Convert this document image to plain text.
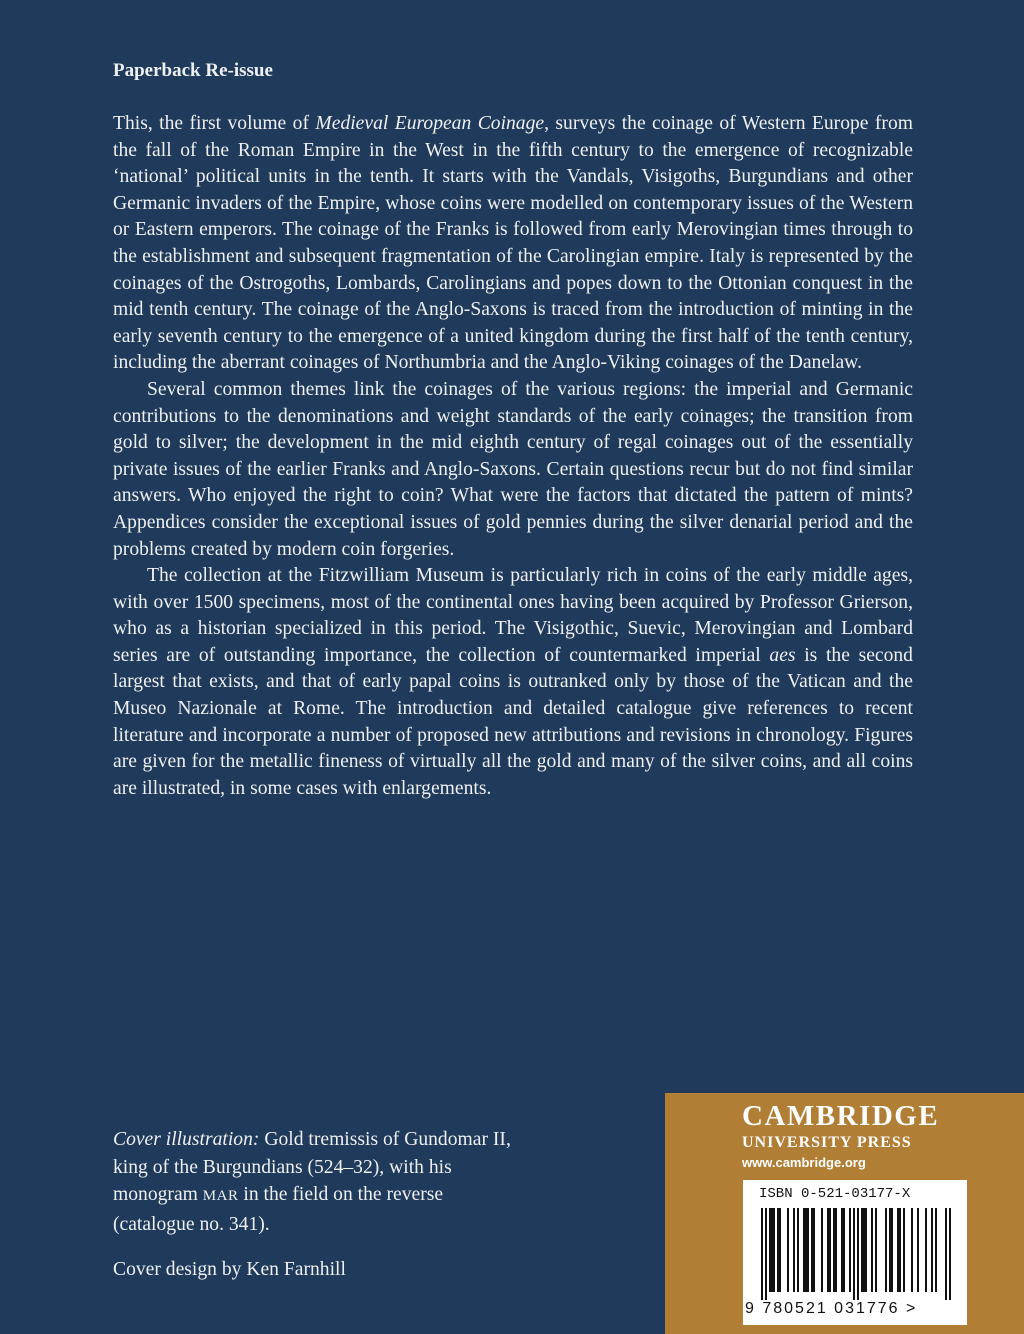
Paperback Re-issue

This, the first volume of Medieval European Coinage, surveys the coinage of Western Europe from the fall of the Roman Empire in the West in the fifth century to the emergence of recognizable ‘national’ political units in the tenth. It starts with the Vandals, Visigoths, Burgundians and other Germanic invaders of the Empire, whose coins were modelled on contemporary issues of the Western or Eastern emperors. The coinage of the Franks is followed from early Merovingian times through to the establishment and subsequent fragmentation of the Carolingian empire. Italy is represented by the coinages of the Ostrogoths, Lombards, Carolingians and popes down to the Ottonian conquest in the mid tenth century. The coinage of the Anglo-Saxons is traced from the introduction of minting in the early seventh century to the emergence of a united kingdom during the first half of the tenth century, including the aberrant coinages of Northumbria and the Anglo-Viking coinages of the Danelaw.

Several common themes link the coinages of the various regions: the imperial and Germanic contributions to the denominations and weight standards of the early coinages; the transition from gold to silver; the development in the mid eighth century of regal coinages out of the essentially private issues of the earlier Franks and Anglo-Saxons. Certain questions recur but do not find similar answers. Who enjoyed the right to coin? What were the factors that dictated the pattern of mints? Appendices consider the exceptional issues of gold pennies during the silver denarial period and the problems created by modern coin forgeries.

The collection at the Fitzwilliam Museum is particularly rich in coins of the early middle ages, with over 1500 specimens, most of the continental ones having been acquired by Professor Grierson, who as a historian specialized in this period. The Visigothic, Suevic, Merovingian and Lombard series are of outstanding importance, the collection of countermarked imperial aes is the second largest that exists, and that of early papal coins is outranked only by those of the Vatican and the Museo Nazionale at Rome. The introduction and detailed catalogue give references to recent literature and incorporate a number of proposed new attributions and revisions in chronology. Figures are given for the metallic fineness of virtually all the gold and many of the silver coins, and all coins are illustrated, in some cases with enlargements.

Cover illustration: Gold tremissis of Gundomar II, king of the Burgundians (524–32), with his monogram MAR in the field on the reverse (catalogue no. 341).
Cover design by Ken Farnhill
CAMBRIDGE
UNIVERSITY PRESS
www.cambridge.org
ISBN 0-521-03177-X
9 780521 031776 >
